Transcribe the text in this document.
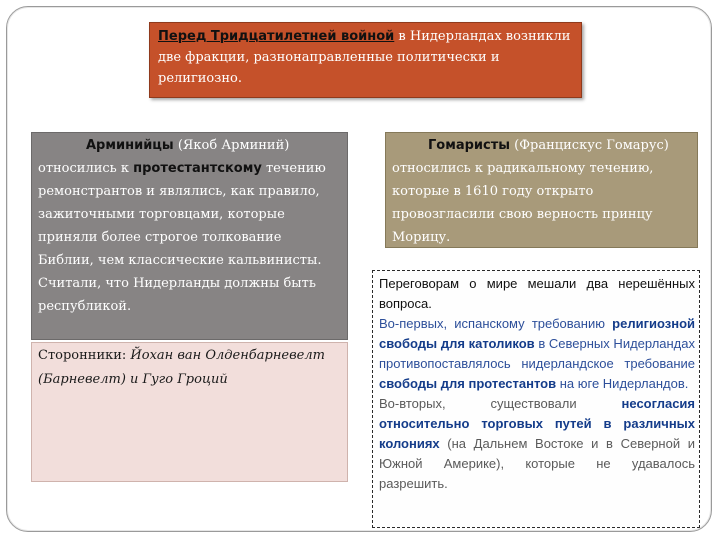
Перед Тридцатилетней войной в Нидерландах возникли две фракции, разнонаправленные политически и религиозно.
Арминийцы (Якоб Арминий)
относились к протестантскому течению ремонстрантов и являлись, как правило, зажиточными торговцами, которые приняли более строгое толкование Библии, чем классические кальвинисты. Считали, что Нидерланды должны быть республикой.
Сторонники: Йохан ван Олденбарневелт (Барневелт) и Гуго Гроций
Гомаристы (Франциcкус Гомарус)
относились к радикальному течению, которые в 1610 году открыто провозгласили свою верность принцу Морицу.
Переговорам о мире мешали два нерешённых вопроса.
Во-первых, испанскому требованию религиозной свободы для католиков в Северных Нидерландах противопоставлялось нидерландское требование свободы для протестантов на юге Нидерландов.
Во-вторых, существовали несогласия относительно торговых путей в различных колониях (на Дальнем Востоке и в Северной и Южной Америке), которые не удавалось разрешить.
